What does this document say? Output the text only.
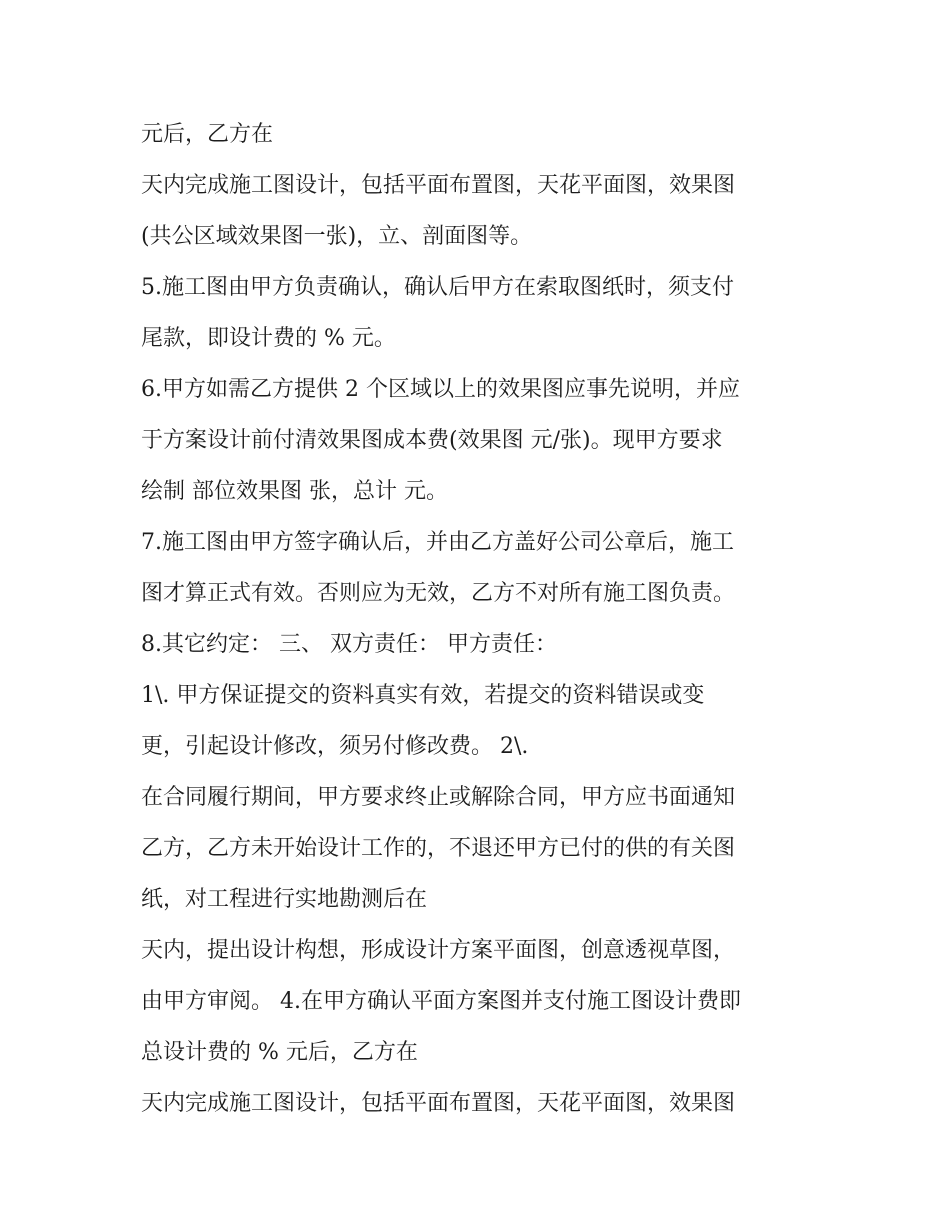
元后，乙方在
天内完成施工图设计，包括平面布置图，天花平面图，效果图
(共公区域效果图一张)，立、剖面图等。
5.施工图由甲方负责确认，确认后甲方在索取图纸时，须支付
尾款，即设计费的 % 元。
6.甲方如需乙方提供 2 个区域以上的效果图应事先说明，并应
于方案设计前付清效果图成本费(效果图 元/张)。现甲方要求
绘制 部位效果图 张，总计 元。
7.施工图由甲方签字确认后，并由乙方盖好公司公章后，施工
图才算正式有效。否则应为无效，乙方不对所有施工图负责。
8.其它约定： 三、 双方责任： 甲方责任：
1\. 甲方保证提交的资料真实有效，若提交的资料错误或变
更，引起设计修改，须另付修改费。 2\.
在合同履行期间，甲方要求终止或解除合同，甲方应书面通知
乙方，乙方未开始设计工作的，不退还甲方已付的供的有关图
纸，对工程进行实地勘测后在
天内，提出设计构想，形成设计方案平面图，创意透视草图，
由甲方审阅。 4.在甲方确认平面方案图并支付施工图设计费即
总设计费的 % 元后，乙方在
天内完成施工图设计，包括平面布置图，天花平面图，效果图
